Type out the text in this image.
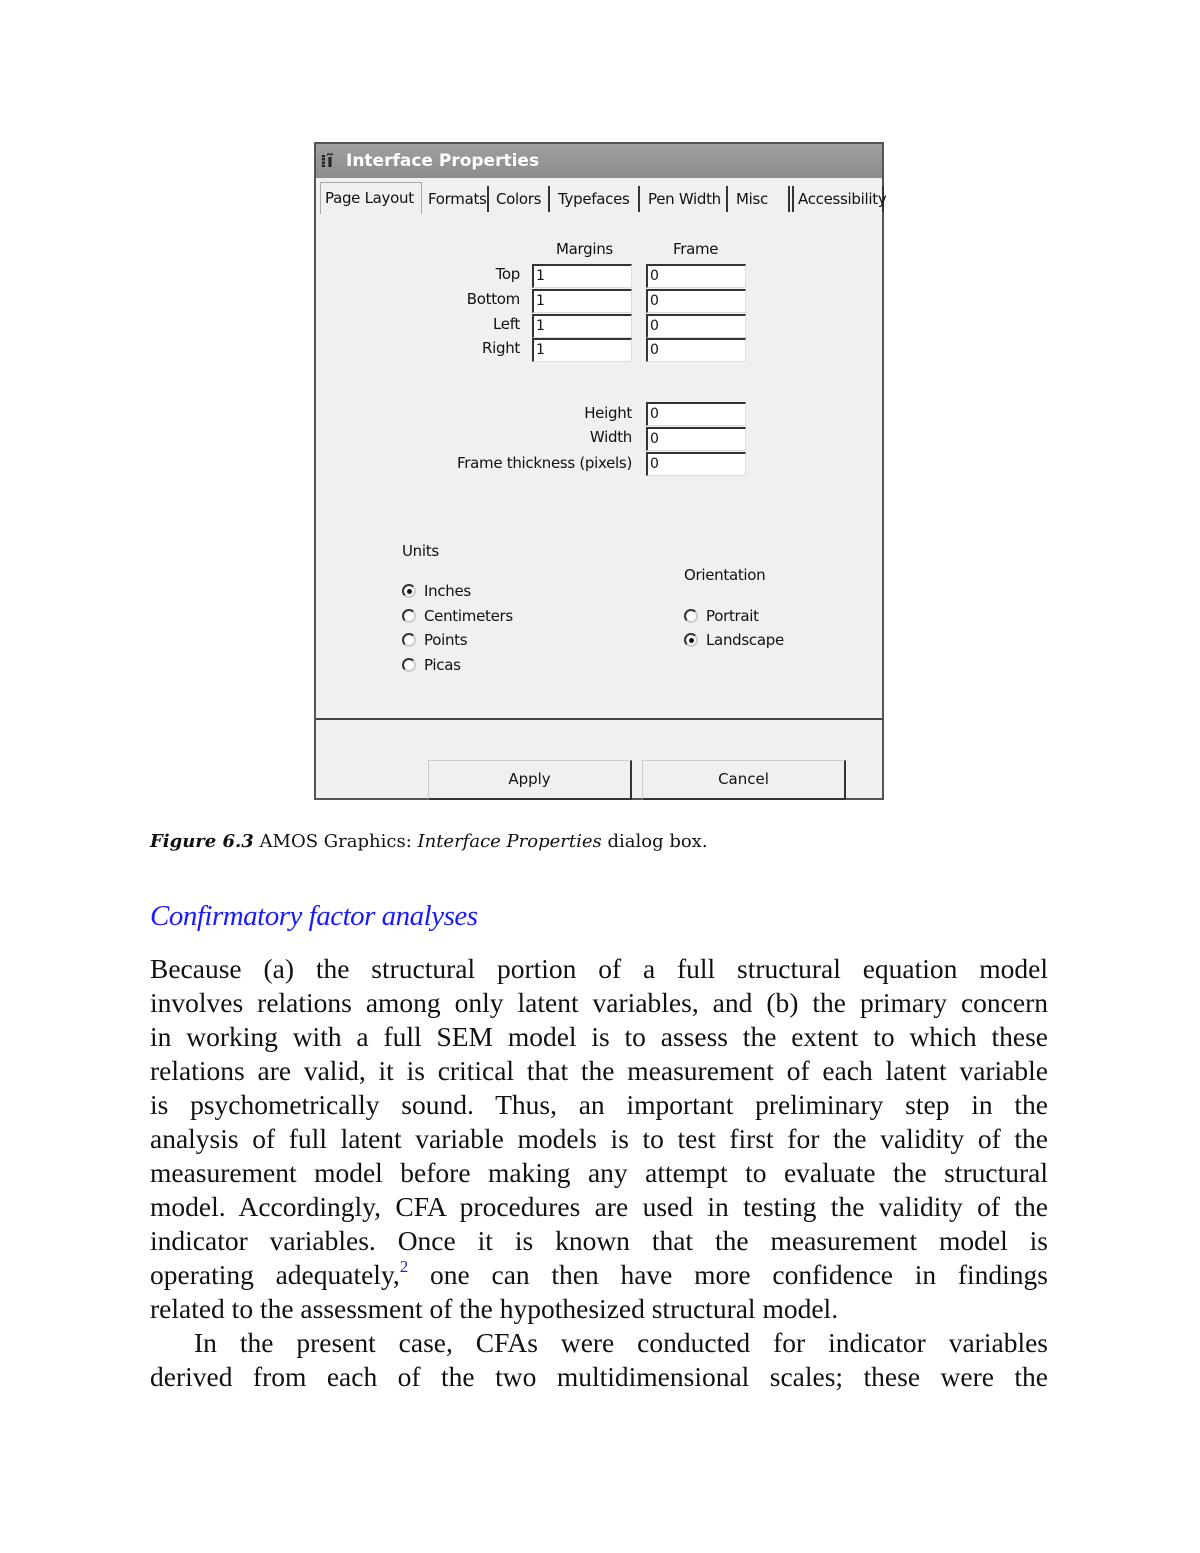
⁞ĩ Interface Properties
Page Layout Formats Colors	Typefaces	Pen Width	Misc	Accessibility
Margins	Frame
Top 1	0
Bottom 1	0
Left 1	0
Right 1	0
Height 0
Width 0
Frame thickness (pixels) 0
Units
Inches
Centimeters
Points
Picas
Orientation
Portrait
Landscape
Apply	Cancel
Figure 6.3 AMOS Graphics: Interface Properties dialog box.
Confirmatory factor analyses
Because (a) the structural portion of a full structural equation model
involves relations among only latent variables, and (b) the primary concern
in working with a full SEM model is to assess the extent to which these
relations are valid, it is critical that the measurement of each latent variable
is psychometrically sound. Thus, an important preliminary step in the
analysis of full latent variable models is to test first for the validity of the
measurement model before making any attempt to evaluate the structural
model. Accordingly, CFA procedures are used in testing the validity of the
indicator variables. Once it is known that the measurement model is
operating adequately,$^2$ one can then have more confidence in findings
related to the assessment of the hypothesized structural model.
In the present case, CFAs were conducted for indicator variables
derived from each of the two multidimensional scales; these were the
